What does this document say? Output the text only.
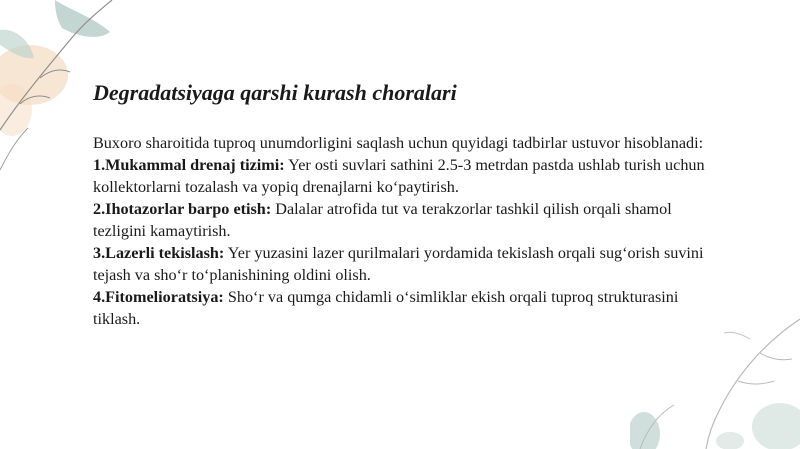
Degradatsiyaga qarshi kurash choralari

Buxoro sharoitida tuproq unumdorligini saqlash uchun quyidagi tadbirlar ustuvor hisoblanadi:

1.Mukammal drenaj tizimi: Yer osti suvlari sathini 2.5-3 metrdan pastda ushlab turish uchun kollektorlarni tozalash va yopiq drenajlarni ko‘paytirish.

2.Ihotazorlar barpo etish: Dalalar atrofida tut va terakzorlar tashkil qilish orqali shamol tezligini kamaytirish.

3.Lazerli tekislash: Yer yuzasini lazer qurilmalari yordamida tekislash orqali sug‘orish suvini tejash va sho‘r to‘planishining oldini olish.

4.Fitomelioratsiya: Sho‘r va qumga chidamli o‘simliklar ekish orqali tuproq strukturasini tiklash.
